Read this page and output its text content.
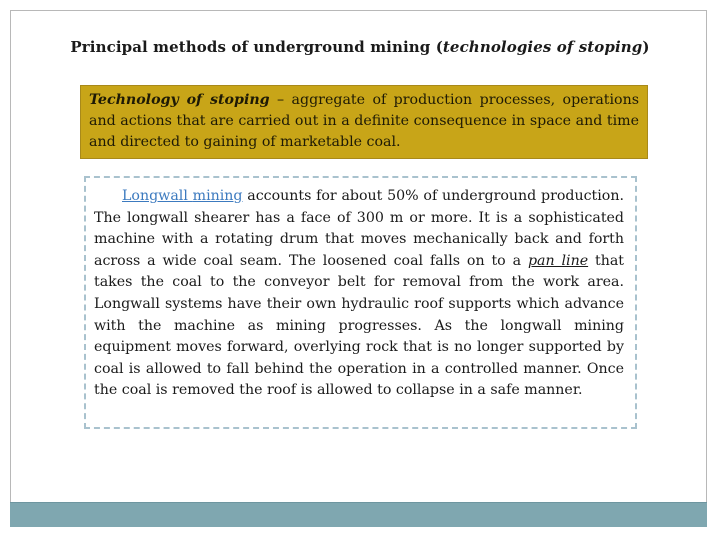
Principal methods of underground mining (technologies of stoping)
Technology of stoping – aggregate of production processes, operations and actions that are carried out in a definite consequence in space and time and directed to gaining of marketable coal.
Longwall mining accounts for about 50% of underground production. The longwall shearer has a face of 300 m or more. It is a sophisticated machine with a rotating drum that moves mechanically back and forth across a wide coal seam. The loosened coal falls on to a pan line that takes the coal to the conveyor belt for removal from the work area. Longwall systems have their own hydraulic roof supports which advance with the machine as mining progresses. As the longwall mining equipment moves forward, overlying rock that is no longer supported by coal is allowed to fall behind the operation in a controlled manner. Once the coal is removed the roof is allowed to collapse in a safe manner.
